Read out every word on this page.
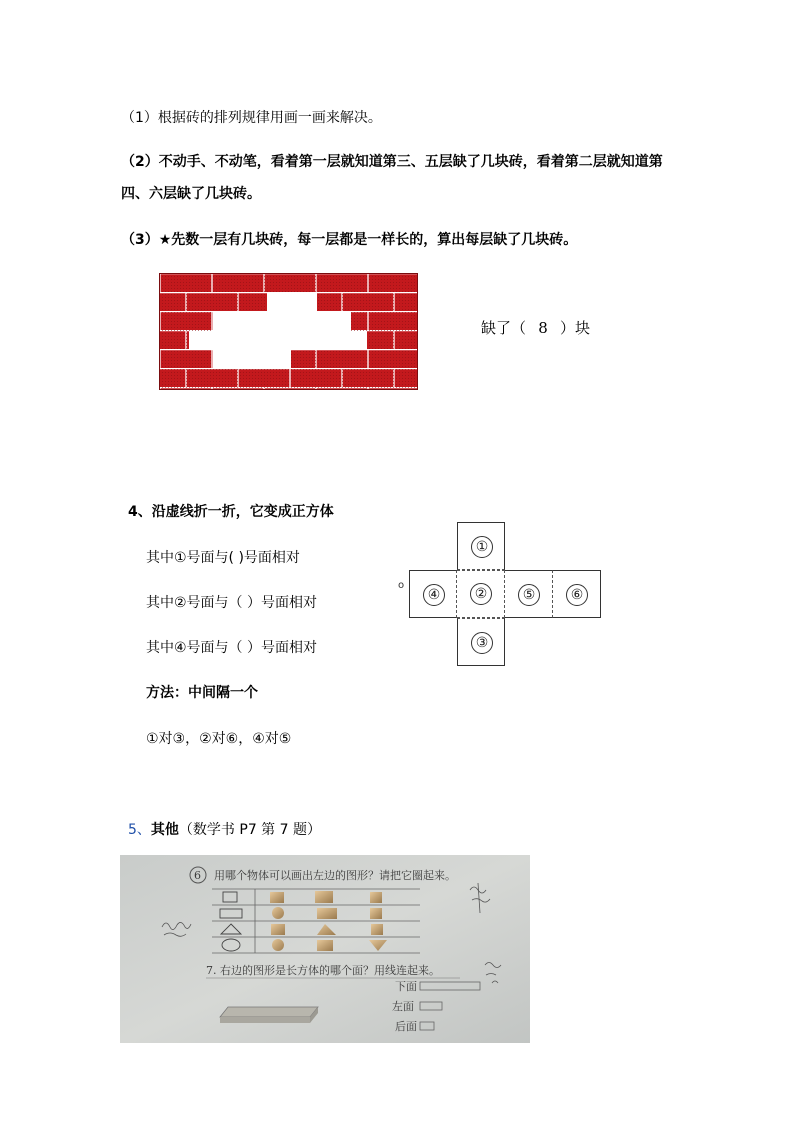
（1）根据砖的排列规律用画一画来解决。
（2）不动手、不动笔，看着第一层就知道第三、五层缺了几块砖，看着第二层就知道第
四、六层缺了几块砖。
（3）★先数一层有几块砖，每一层都是一样长的，算出每层缺了几块砖。
缺了（ 8 ）块
4、沿虚线折一折，它变成正方体
其中①号面与( )号面相对
其中②号面与（ ）号面相对
其中④号面与（ ）号面相对
方法：中间隔一个
①对③，②对⑥，④对⑤
①
④	②	⑤	⑥
③
o
5、其他（数学书 P7 第 7 题）
6 用哪个物体可以画出左边的图形？请把它圈起来。
7. 右边的图形是长方体的哪个面？用线连起来。
下面
左面
后面
